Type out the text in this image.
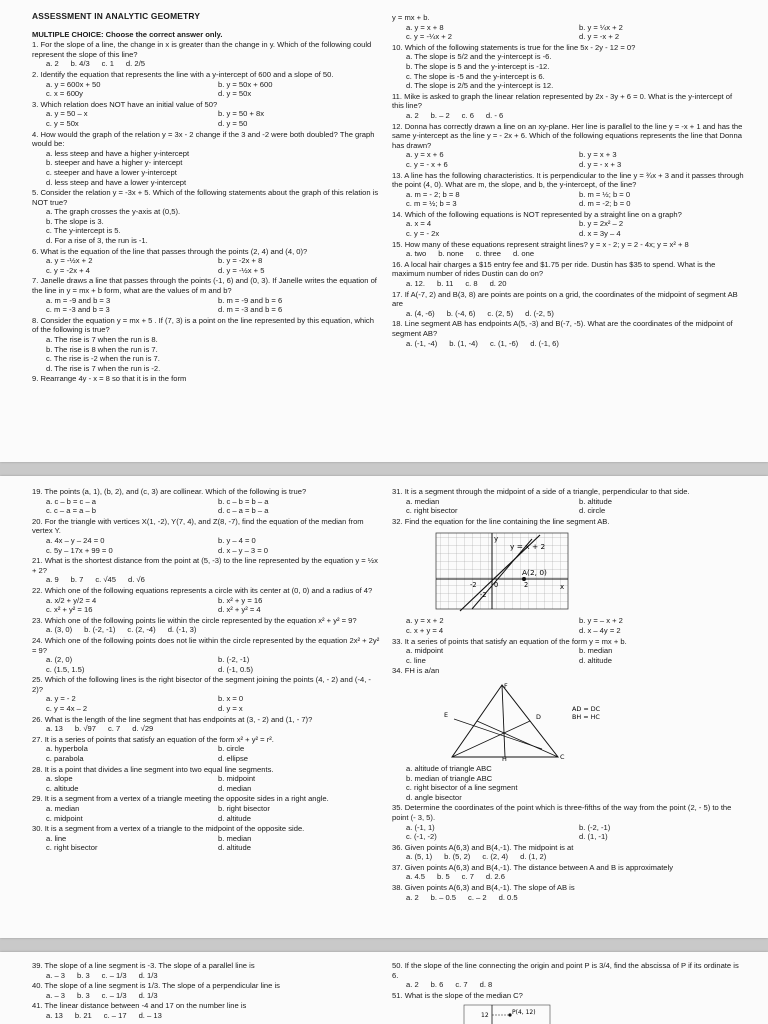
ASSESSMENT IN ANALYTIC GEOMETRY
MULTIPLE CHOICE: Choose the correct answer only.
1. For the slope of a line, the change in x is greater than the change in y. Which of the following could represent the slope of this line?
a. 2 b. 4/3 c. 1 d. 2/5
2. Identify the equation that represents the line with a y-intercept of 600 and a slope of 50.
a. y = 600x + 50	b. y = 50x + 600
c. x = 600y	d. y = 50x
3. Which relation does NOT have an initial value of 50?
a. y = 50 – x	b. y = 50 + 8x
c. y = 50x	d. y = 50
4. How would the graph of the relation y = 3x - 2 change if the 3 and -2 were both doubled? The graph would be:
a. less steep and have a higher y-intercept
b. steeper and have a higher y- intercept
c. steeper and have a lower y-intercept
d. less steep and have a lower y-intercept
5. Consider the relation y = -3x + 5. Which of the following statements about the graph of this relation is NOT true?
a. The graph crosses the y-axis at (0,5).
b. The slope is 3.
c. The y-intercept is 5.
d. For a rise of 3, the run is -1.
6. What is the equation of the line that passes through the points (2, 4) and (4, 0)?
a. y = -½x + 2	b. y = -2x + 8
c. y = -2x + 4	d. y = -½x + 5
7. Janelle draws a line that passes through the points (-1, 6) and (0, 3). If Janelle writes the equation of the line in y = mx + b form, what are the values of m and b?
a. m = -9 and b = 3	b. m = -9 and b = 6
c. m = -3 and b = 3	d. m = -3 and b = 6
8. Consider the equation y = mx + 5 . If (7, 3) is a point on the line represented by this equation, which of the following is true?
a. The rise is 7 when the run is 8.
b. The rise is 8 when the run is 7.
c. The rise is -2 when the run is 7.
d. The rise is 7 when the run is -2.
9. Rearrange 4y - x = 8 so that it is in the form
y = mx + b.
a. y = x + 8	b. y = ¼x + 2
c. y = -¼x + 2	d. y = -x + 2
10. Which of the following statements is true for the line 5x - 2y - 12 = 0?
a. The slope is 5/2 and the y-intercept is -6.
b. The slope is 5 and the y-intercept is -12.
c. The slope is -5 and the y-intercept is 6.
d. The slope is 2/5 and the y-intercept is 12.
11. Mike is asked to graph the linear relation represented by 2x - 3y + 6 = 0. What is the y-intercept of this line?
a. 2 b. – 2 c. 6 d. - 6
12. Donna has correctly drawn a line on an xy-plane. Her line is parallel to the line y = -x + 1 and has the same y-intercept as the line y = - 2x + 6. Which of the following equations represents the line that Donna has drawn?
a. y = x + 6	b. y = x + 3
c. y = - x + 6	d. y = - x + 3
13. A line has the following characteristics. It is perpendicular to the line y = ¾x + 3 and it passes through the point (4, 0). What are m, the slope, and b, the y-intercept, of the line?
a. m = - 2; b = 8	b. m = ½; b = 0
c. m = ½; b = 3	d. m = -2; b = 0
14. Which of the following equations is NOT represented by a straight line on a graph?
a. x = 4	b. y = 2x² – 2
c. y = - 2x	d. x = 3y – 4
15. How many of these equations represent straight lines? y = x - 2; y = 2 - 4x; y = x² + 8
a. two b. none c. three d. one
16. A local hair charges a $15 entry fee and $1.75 per ride. Dustin has $35 to spend. What is the maximum number of rides Dustin can do on?
a. 12. b. 11 c. 8 d. 20
17. If A(-7, 2) and B(3, 8) are points are points on a grid, the coordinates of the midpoint of segment AB are
a. (4, -6) b. (-4, 6) c. (2, 5) d. (-2, 5)
18. Line segment AB has endpoints A(5, -3) and B(-7, -5). What are the coordinates of the midpoint of segment AB?
a. (-1, -4) b. (1, -4) c. (1, -6) d. (-1, 6)
19. The points (a, 1), (b, 2), and (c, 3) are collinear. Which of the following is true?
a. c – b = c – a	b. c – b = b – a
c. c – a = a – b	d. c – a = b – a
20. For the triangle with vertices X(1, -2), Y(7, 4), and Z(8, -7), find the equation of the median from vertex Y.
a. 4x – y – 24 = 0	b. y – 4 = 0
c. 5y – 17x + 99 = 0	d. x – y – 3 = 0
21. What is the shortest distance from the point at (5, -3) to the line represented by the equation y = ½x + 2?
a. 9 b. 7 c. √45 d. √6
22. Which one of the following equations represents a circle with its center at (0, 0) and a radius of 4?
a. x/2 + y/2 = 4	b. x² + y = 16
c. x² + y² = 16	d. x² + y² = 4
23. Which one of the following points lie within the circle represented by the equation x² + y² = 9?
a. (3, 0) b. (-2, -1) c. (2, -4) d. (-1, 3)
24. Which one of the following points does not lie within the circle represented by the equation 2x² + 2y² = 9?
a. (2, 0)	b. (-2, -1)
c. (1.5, 1.5)	d. (-1, 0.5)
25. Which of the following lines is the right bisector of the segment joining the points (4, - 2) and (-4, - 2)?
a. y = - 2	b. x = 0
c. y = 4x – 2	d. y = x
26. What is the length of the line segment that has endpoints at (3, - 2) and (1, - 7)?
a. 13 b. √97 c. 7 d. √29
27. It is a series of points that satisfy an equation of the form x² + y² = r².
a. hyperbola	b. circle
c. parabola	d. ellipse
28. It is a point that divides a line segment into two equal line segments.
a. slope	b. midpoint
c. altitude	d. median
29. It is a segment from a vertex of a triangle meeting the opposite sides in a right angle.
a. median	b. right bisector
c. midpoint	d. altitude
30. It is a segment from a vertex of a triangle to the midpoint of the opposite side.
a. line	b. median
c. right bisector	d. altitude
31. It is a segment through the midpoint of a side of a triangle, perpendicular to that side.
a. median	b. altitude
c. right bisector	d. circle
32. Find the equation for the line containing the line segment AB.
y
x
y = x + 2
A(2, 0)
-2	0	2
-2
a. y = x + 2	b. y = – x + 2
c. x + y = 4	d. x – 4y = 2
33. It a series of points that satisfy an equation of the form y = mx + b.
a. midpoint	b. median
c. line	d. altitude
34. FH is a/an
F
E	D
C
H
AD = DC
BH = HC
a. altitude of triangle ABC
b. median of triangle ABC
c. right bisector of a line segment
d. angle bisector
35. Determine the coordinates of the point which is three-fifths of the way from the point (2, - 5) to the point (- 3, 5).
a. (-1, 1)	b. (-2, -1)
c. (-1, -2)	d. (1, -1)
36. Given points A(6,3) and B(4,-1). The midpoint is at
a. (5, 1) b. (5, 2) c. (2, 4) d. (1, 2)
37. Given points A(6,3) and B(4,-1). The distance between A and B is approximately
a. 4.5 b. 5 c. 7 d. 2.6
38. Given points A(6,3) and B(4,-1). The slope of AB is
a. 2 b. – 0.5 c. – 2 d. 0.5
39. The slope of a line segment is -3. The slope of a parallel line is
a. – 3 b. 3 c. – 1/3 d. 1/3
40. The slope of a line segment is 1/3. The slope of a perpendicular line is
a. – 3 b. 3 c. – 1/3 d. 1/3
41. The linear distance between -4 and 17 on the number line is
a. 13 b. 21 c. – 17 d. – 13
50. If the slope of the line connecting the origin and point P is 3/4, find the abscissa of P if its ordinate is 6.
a. 2 b. 6 c. 7 d. 8
51. What is the slope of the median C?
P(4, 12)
12
